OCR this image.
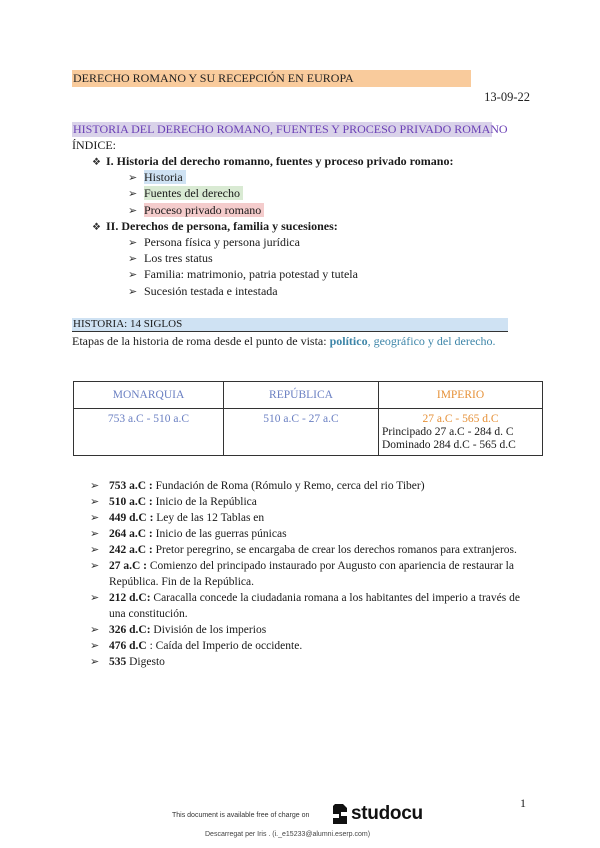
DERECHO ROMANO Y SU RECEPCIÓN EN EUROPA
13-09-22
HISTORIA DEL DERECHO ROMANO, FUENTES Y PROCESO PRIVADO ROMANO
ÍNDICE:
❖ I. Historia del derecho romanno, fuentes y proceso privado romano:
➢ Historia
➢ Fuentes del derecho
➢ Proceso privado romano
❖ II. Derechos de persona, familia y sucesiones:
➢ Persona física y persona jurídica
➢ Los tres status
➢ Familia: matrimonio, patria potestad y tutela
➢ Sucesión testada e intestada
HISTORIA: 14 SIGLOS
Etapas de la historia de roma desde el punto de vista: político, geográfico y del derecho.
MONARQUIA	REPÚBLICA	IMPERIO

753 a.C - 510 a.C	510 a.C - 27 a.C	27 a.C - 565 d.C
Principado 27 a.C - 284 d. C
Dominado 284 d.C - 565 d.C
➢ 753 a.C : Fundación de Roma (Rómulo y Remo, cerca del rio Tiber)
➢ 510 a.C : Inicio de la República
➢ 449 d.C : Ley de las 12 Tablas en
➢ 264 a.C : Inicio de las guerras púnicas
➢ 242 a.C : Pretor peregrino, se encargaba de crear los derechos romanos para extranjeros.
➢ 27 a.C : Comienzo del principado instaurado por Augusto con apariencia de restaurar la República. Fin de la República.
➢ 212 d.C: Caracalla concede la ciudadania romana a los habitantes del imperio a través de una constitución.
➢ 326 d.C: División de los imperios
➢ 476 d.C : Caída del Imperio de occidente.
➢ 535 Digesto
1
This document is available free of charge on studocu
Descarregat per Iris . (i._e15233@alumni.eserp.com)
